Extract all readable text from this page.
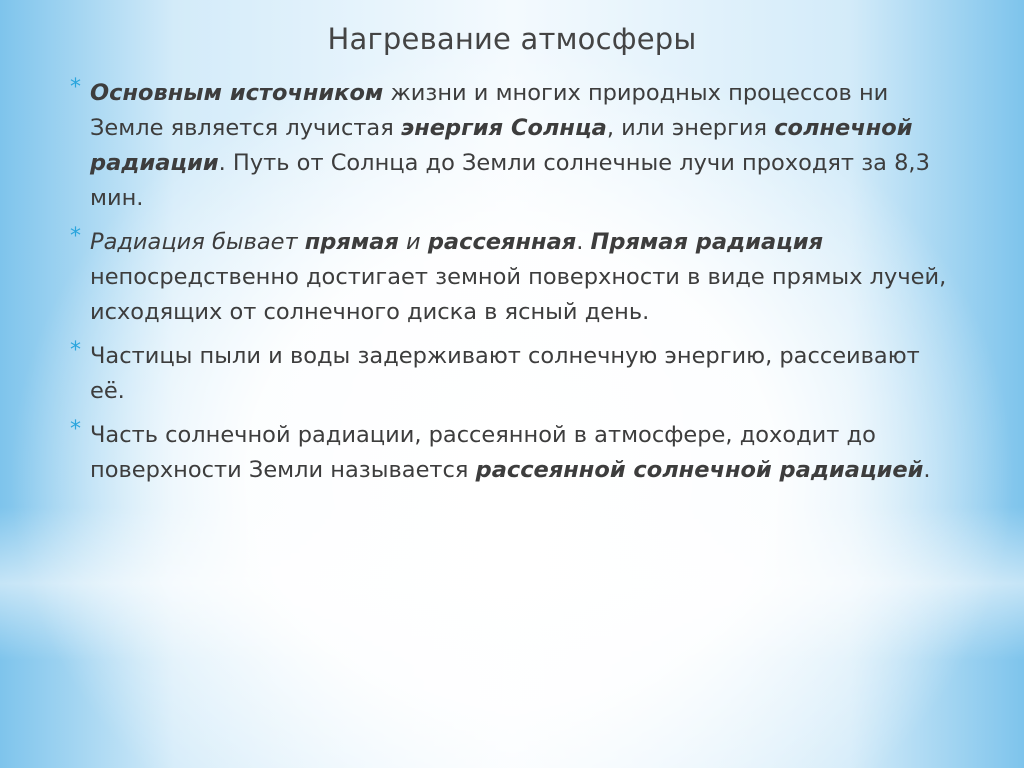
Нагревание атмосферы
* Основным источником жизни и многих природных процессов ни Земле является лучистая энергия Солнца, или энергия солнечной радиации. Путь от Солнца до Земли солнечные лучи проходят за 8,3 мин.
* Радиация бывает прямая и рассеянная. Прямая радиация непосредственно достигает земной поверхности в виде прямых лучей, исходящих от солнечного диска в ясный день.
* Частицы пыли и воды задерживают солнечную энергию, рассеивают её.
* Часть солнечной радиации, рассеянной в атмосфере, доходит до поверхности Земли называется рассеянной солнечной радиацией.
